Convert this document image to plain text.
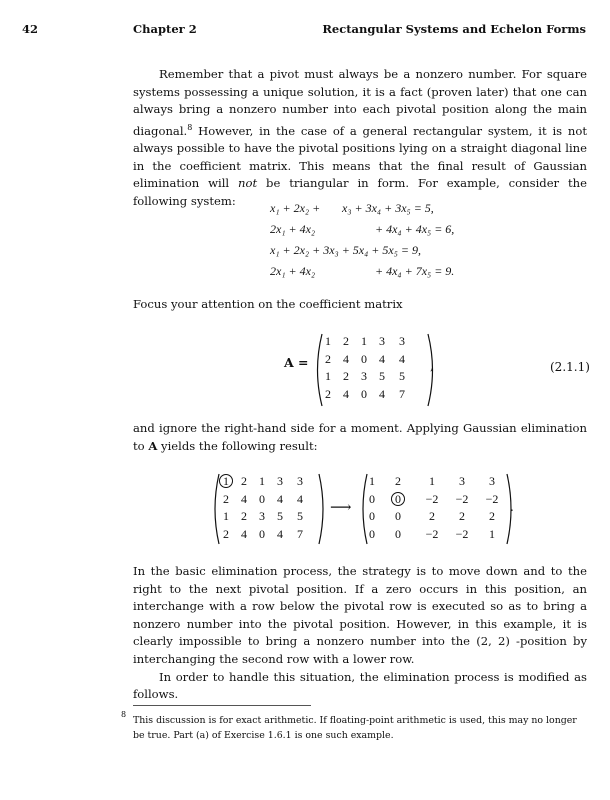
42	Chapter 2	Rectangular Systems and Echelon Forms

Remember that a pivot must always be a nonzero number. For square systems possessing a unique solution, it is a fact (proven later) that one can always bring a nonzero number into each pivotal position along the main diagonal.$^8$ However, in the case of a general rectangular system, it is not always possible to have the pivotal positions lying on a straight diagonal line in the coefficient matrix. This means that the final result of Gaussian elimination will not be triangular in form. For example, consider the following system:	x₁ + 2x₂ + x₃ + 3x₄ + 3x₅ = 5,
2x₁ + 4x₂	+ 4x₄ + 4x₅ = 6,
x₁ + 2x₂ + 3x₃ + 5x₄ + 5x₅ = 9,
2x₁ + 4x₂	+ 4x₄ + 7x₅ = 9.
Focus your attention on the coefficient matrix
A =
1	2	1	3	3
2	4	0	4	4
1	2	3	5	5
2	4	0	4	7
,	(2.1.1)

and ignore the right-hand side for a moment. Applying Gaussian elimination to A yields the following result:

1	2	1	3	3
2	4	0	4	4
1	2	3	5	5
2	4	0	4	7
⟶
1	2	1	3	3
0	0	−2	−2	−2
0	0	2	2	2
0	0	−2	−2	1
.

In the basic elimination process, the strategy is to move down and to the right to the next pivotal position. If a zero occurs in this position, an interchange with a row below the pivotal row is executed so as to bring a nonzero number into the pivotal position. However, in this example, it is clearly impossible to bring a nonzero number into the (2, 2) -position by interchanging the second row with a lower row.

In order to handle this situation, the elimination process is modified as follows.

8
This discussion is for exact arithmetic. If floating-point arithmetic is used, this may no longer be true. Part (a) of Exercise 1.6.1 is one such example.
